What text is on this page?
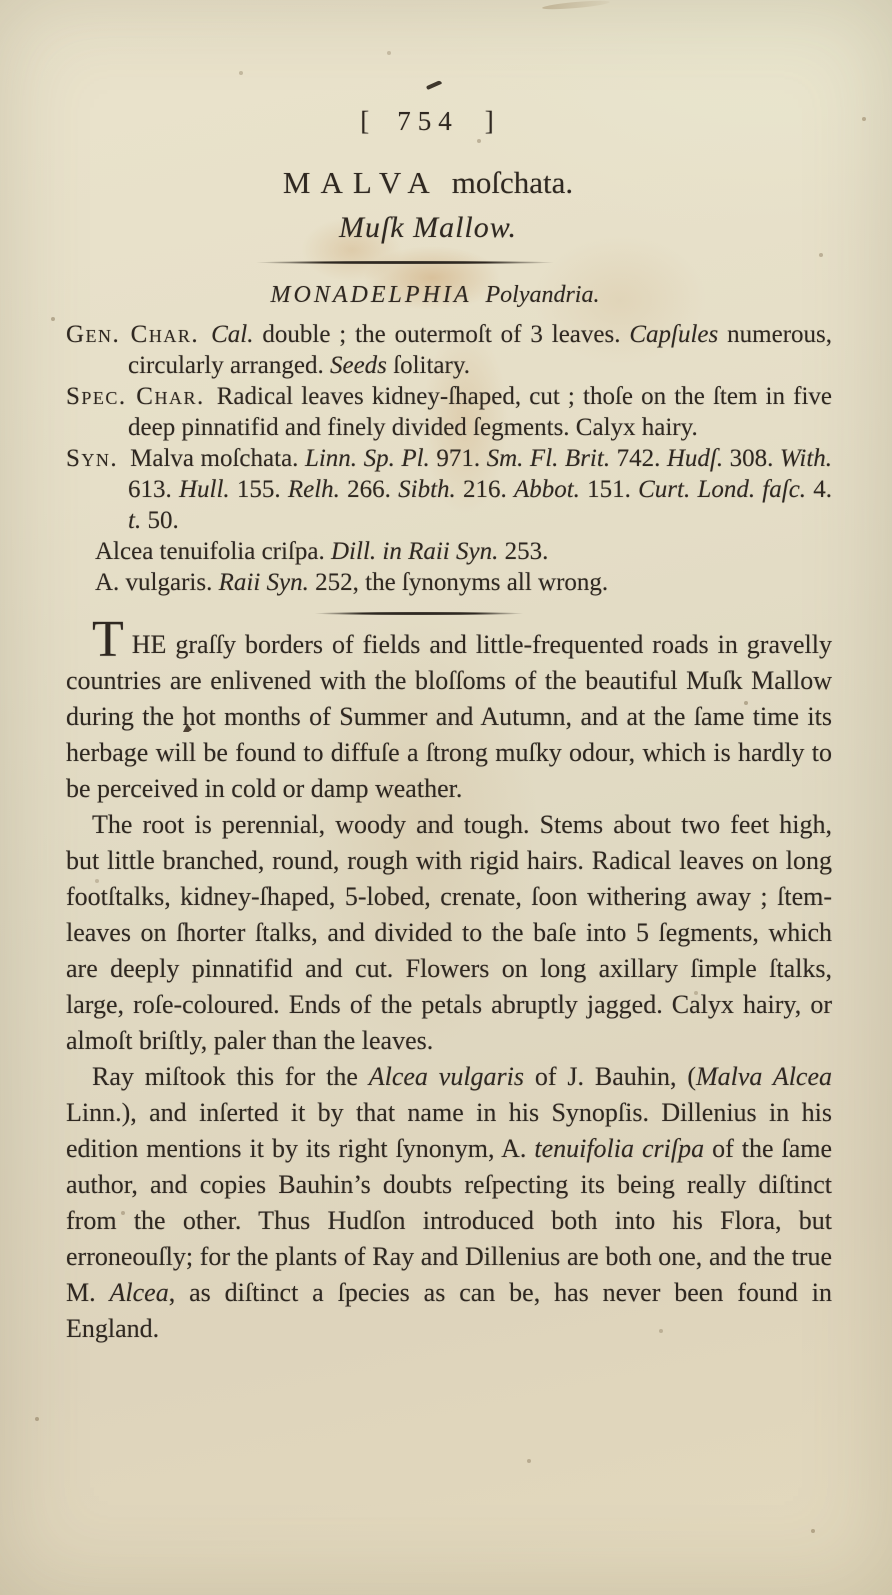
[ 754 ]
MALVA moſchata.
Muſk Mallow.
MONADELPHIA Polyandria.

Gen. Char. Cal. double ; the outermoſt of 3 leaves. Capſules numerous, circularly arranged. Seeds ſolitary.

Spec. Char. Radical leaves kidney-ſhaped, cut ; thoſe on the ſtem in five deep pinnatifid and finely divided ſegments. Calyx hairy.

Syn. Malva moſchata. Linn. Sp. Pl. 971. Sm. Fl. Brit. 742. Hudſ. 308. With. 613. Hull. 155. Relh. 266. Sibth. 216. Abbot. 151. Curt. Lond. faſc. 4. t. 50.

Alcea tenuifolia criſpa. Dill. in Raii Syn. 253.

A. vulgaris. Raii Syn. 252, the ſynonyms all wrong.

THE graſſy borders of fields and little-frequented roads in gravelly countries are enlivened with the bloſſoms of the beautiful Muſk Mallow during the hot months of Summer and Autumn, and at the ſame time its herbage will be found to diffuſe a ſtrong muſky odour, which is hardly to be perceived in cold or damp weather.

The root is perennial, woody and tough. Stems about two feet high, but little branched, round, rough with rigid hairs. Radical leaves on long footſtalks, kidney-ſhaped, 5-lobed, crenate, ſoon withering away ; ſtem-leaves on ſhorter ſtalks, and divided to the baſe into 5 ſegments, which are deeply pinnatifid and cut. Flowers on long axillary ſimple ſtalks, large, roſe-coloured. Ends of the petals abruptly jagged. Calyx hairy, or almoſt briſtly, paler than the leaves.

Ray miſtook this for the Alcea vulgaris of J. Bauhin, (Malva Alcea Linn.), and inſerted it by that name in his Synopſis. Dillenius in his edition mentions it by its right ſynonym, A. tenuifolia criſpa of the ſame author, and copies Bauhin’s doubts reſpecting its being really diſtinct from the other. Thus Hudſon introduced both into his Flora, but erroneouſly; for the plants of Ray and Dillenius are both one, and the true M. Alcea, as diſtinct a ſpecies as can be, has never been found in England.
